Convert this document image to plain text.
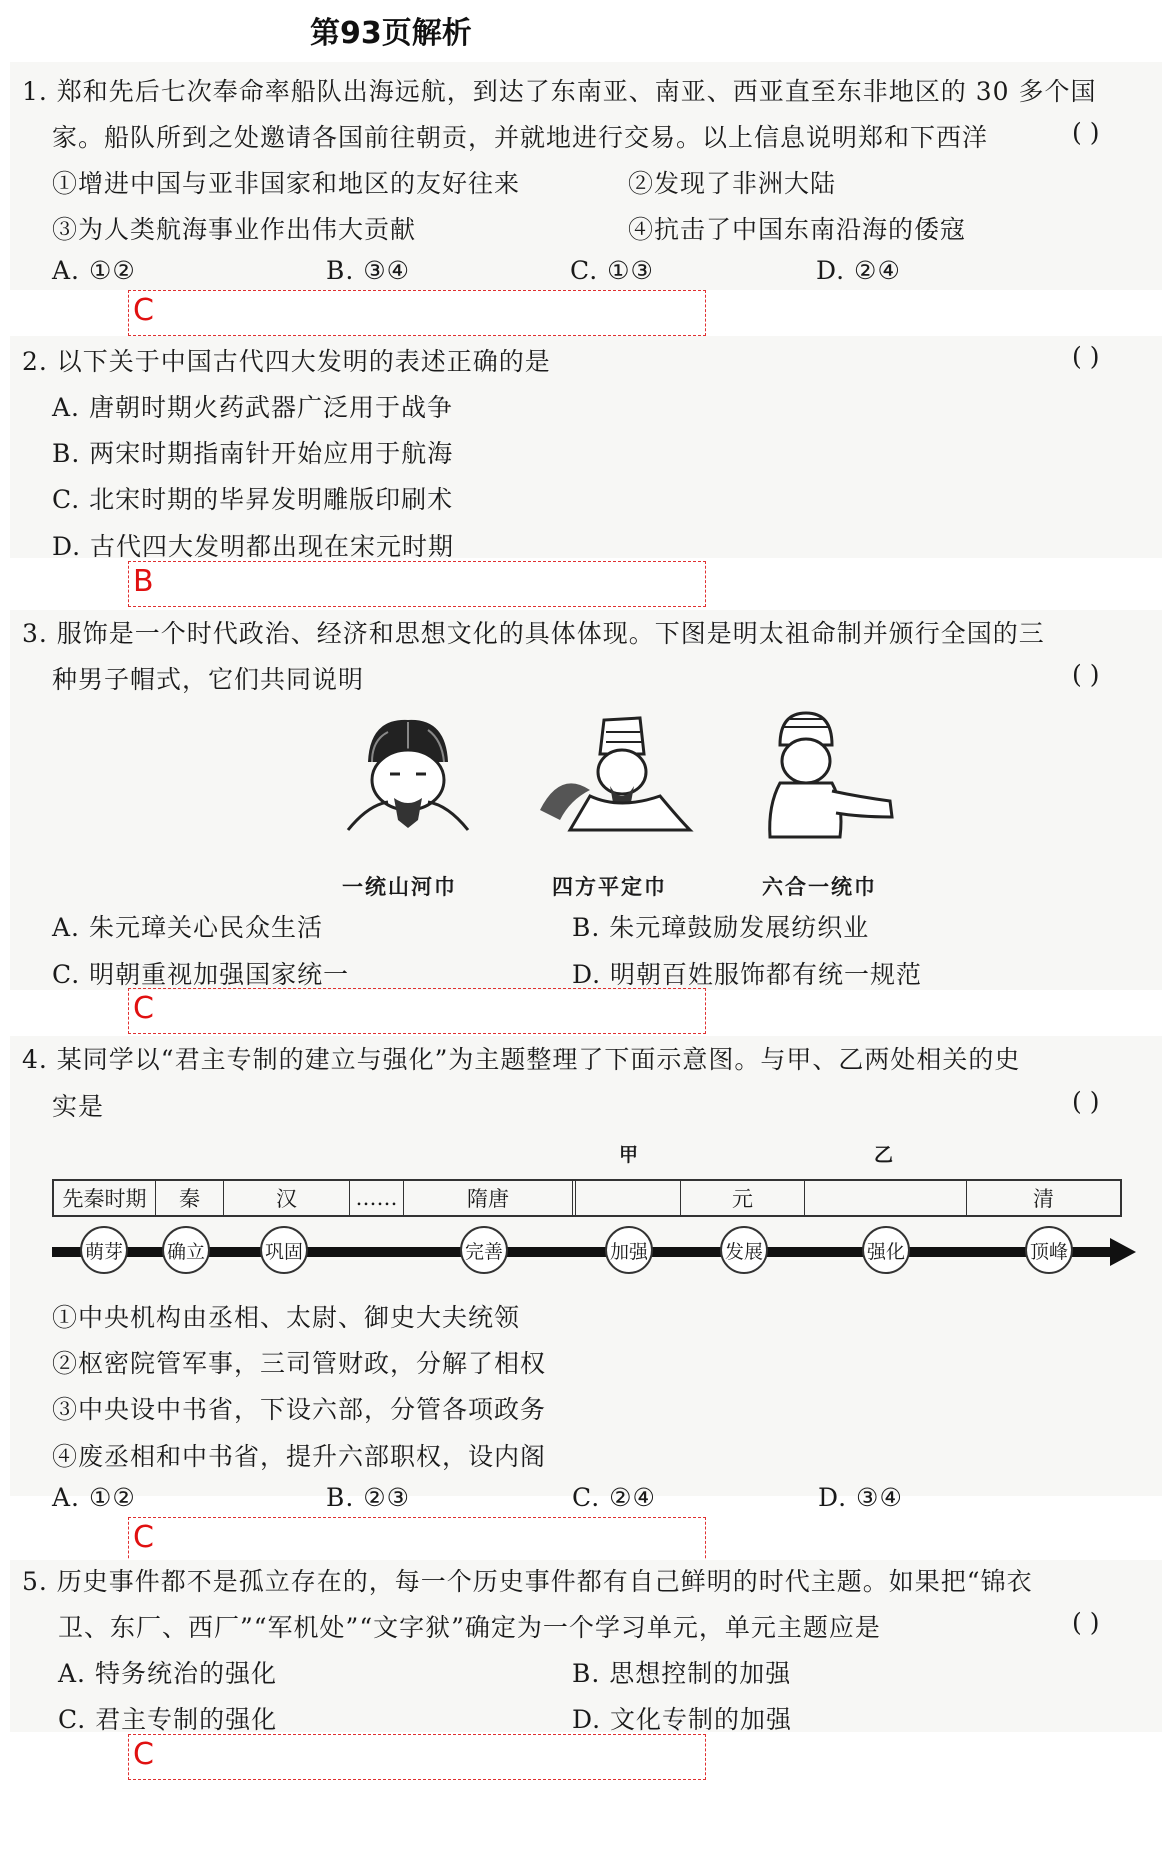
第93页解析
1. 郑和先后七次奉命率船队出海远航，到达了东南亚、南亚、西亚直至东非地区的 30 多个国
家。船队所到之处邀请各国前往朝贡，并就地进行交易。以上信息说明郑和下西洋	( )
①增进中国与亚非国家和地区的友好往来	②发现了非洲大陆
③为人类航海事业作出伟大贡献	④抗击了中国东南沿海的倭寇
A. ①②	B. ③④	C. ①③	D. ②④
C
2. 以下关于中国古代四大发明的表述正确的是	( )
A. 唐朝时期火药武器广泛用于战争
B. 两宋时期指南针开始应用于航海
C. 北宋时期的毕昇发明雕版印刷术
D. 古代四大发明都出现在宋元时期
B
3. 服饰是一个时代政治、经济和思想文化的具体体现。下图是明太祖命制并颁行全国的三
种男子帽式，它们共同说明	( )
一统山河巾	四方平定巾	六合一统巾
A. 朱元璋关心民众生活	B. 朱元璋鼓励发展纺织业
C. 明朝重视加强国家统一	D. 明朝百姓服饰都有统一规范
C
4. 某同学以“君主专制的建立与强化”为主题整理了下面示意图。与甲、乙两处相关的史
实是	( )
甲	乙
先秦时期	秦	汉	……	隋唐	元	清
萌芽 确立	巩固	完善	加强	发展	强化	顶峰
①中央机构由丞相、太尉、御史大夫统领
②枢密院管军事，三司管财政，分解了相权
③中央设中书省，下设六部，分管各项政务
④废丞相和中书省，提升六部职权，设内阁
A. ①②	B. ②③	C. ②④	D. ③④
C
5. 历史事件都不是孤立存在的，每一个历史事件都有自己鲜明的时代主题。如果把“锦衣
卫、东厂、西厂”“军机处”“文字狱”确定为一个学习单元，单元主题应是	( )
A. 特务统治的强化	B. 思想控制的加强
C. 君主专制的强化	D. 文化专制的加强
C
